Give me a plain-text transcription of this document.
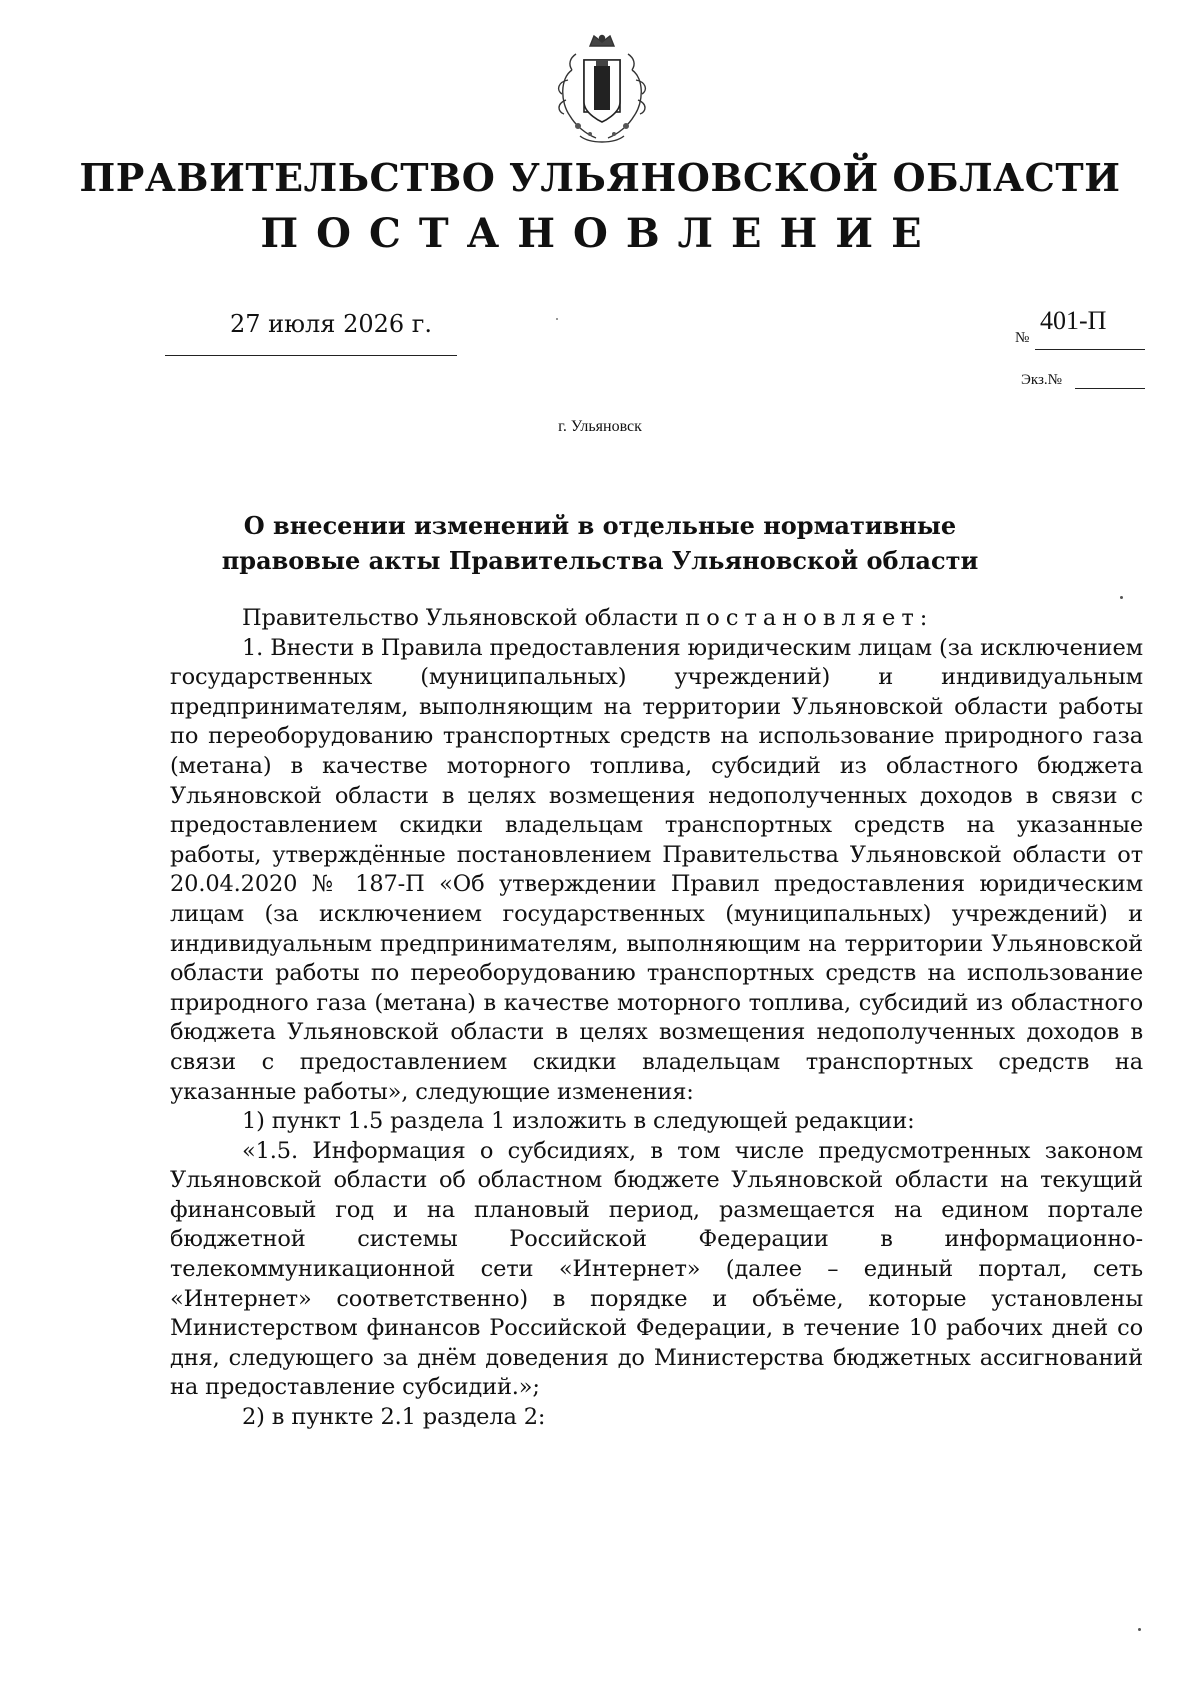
ПРАВИТЕЛЬСТВО УЛЬЯНОВСКОЙ ОБЛАСТИ
ПОСТАНОВЛЕНИЕ
27 июля 2026 г.	№
401-П
Экз.№
г. Ульяновск
О внесении изменений в отдельные нормативные
правовые акты Правительства Ульяновской области

Правительство Ульяновской области постановляет:

1. Внести в Правила предоставления юридическим лицам (за исключением государственных (муниципальных) учреждений) и индивидуальным предпринимателям, выполняющим на территории Ульяновской области работы по переоборудованию транспортных средств на использование природного газа (метана) в качестве моторного топлива, субсидий из областного бюджета Ульяновской области в целях возмещения недополученных доходов в связи с предоставлением скидки владельцам транспортных средств на указанные работы, утверждённые постановлением Правительства Ульяновской области от 20.04.2020 № 187-П «Об утверждении Правил предоставления юридическим лицам (за исключением государственных (муниципальных) учреждений) и индивидуальным предпринимателям, выполняющим на территории Ульяновской области работы по переоборудованию транспортных средств на использование природного газа (метана) в качестве моторного топлива, субсидий из областного бюджета Ульяновской области в целях возмещения недополученных доходов в связи с предоставлением скидки владельцам транспортных средств на указанные работы», следующие изменения:

1) пункт 1.5 раздела 1 изложить в следующей редакции:

«1.5. Информация о субсидиях, в том числе предусмотренных законом Ульяновской области об областном бюджете Ульяновской области на текущий финансовый год и на плановый период, размещается на едином портале бюджетной системы Российской Федерации в информационно-телекоммуникационной сети «Интернет» (далее – единый портал, сеть «Интернет» соответственно) в порядке и объёме, которые установлены Министерством финансов Российской Федерации, в течение 10 рабочих дней со дня, следующего за днём доведения до Министерства бюджетных ассигнований на предоставление субсидий.»;

2) в пункте 2.1 раздела 2:
